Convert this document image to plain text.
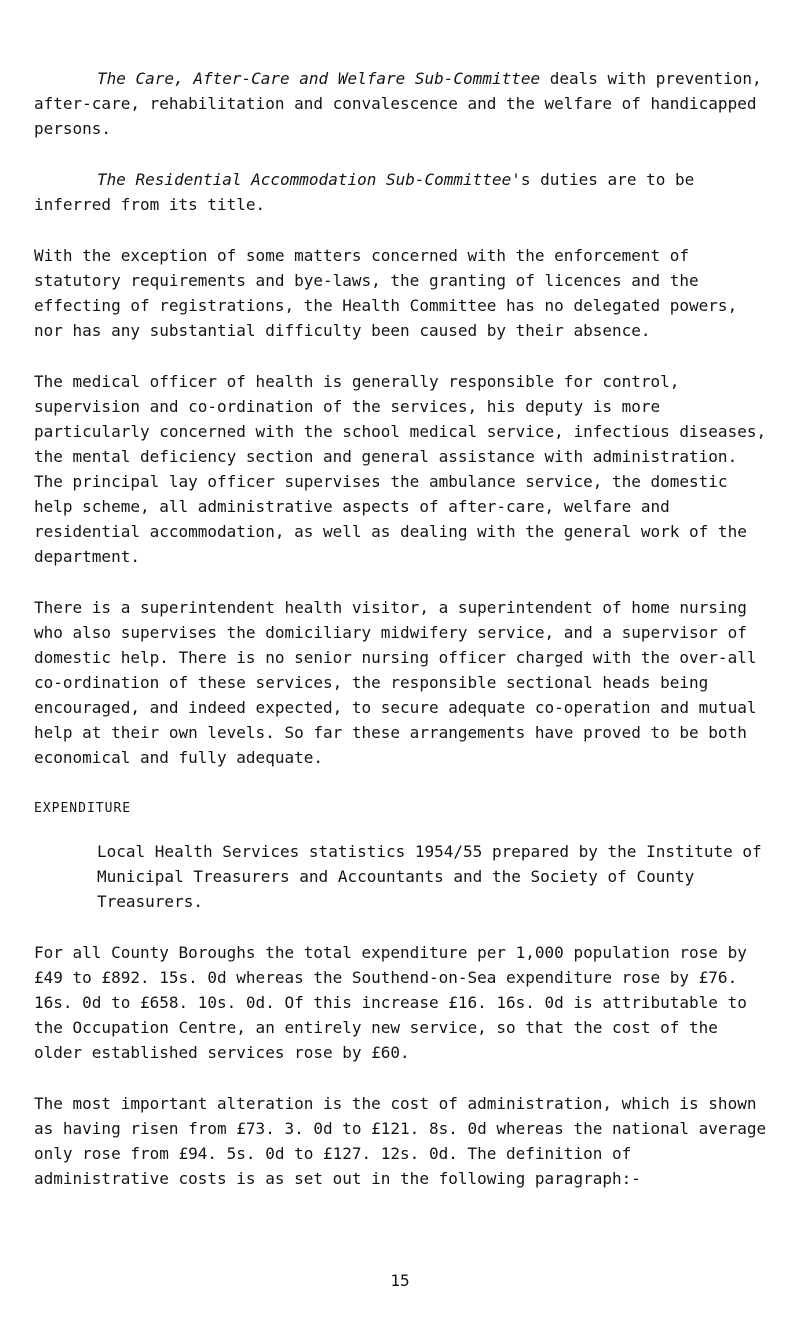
The Care, After-Care and Welfare Sub-Committee deals with prevention, after-care, rehabilitation and convalescence and the welfare of handicapped persons.

The Residential Accommodation Sub-Committee's duties are to be inferred from its title.

With the exception of some matters concerned with the enforcement of statutory requirements and bye-laws, the granting of licences and the effecting of registrations, the Health Committee has no delegated powers, nor has any substantial difficulty been caused by their absence.

The medical officer of health is generally responsible for control, supervision and co-ordination of the services, his deputy is more particularly concerned with the school medical service, infectious diseases, the mental deficiency section and general assistance with administration. The principal lay officer supervises the ambulance service, the domestic help scheme, all administrative aspects of after-care, welfare and residential accommodation, as well as dealing with the general work of the department.

There is a superintendent health visitor, a superintendent of home nursing who also supervises the domiciliary midwifery service, and a supervisor of domestic help. There is no senior nursing officer charged with the over-all co-ordination of these services, the responsible sectional heads being encouraged, and indeed expected, to secure adequate co-operation and mutual help at their own levels. So far these arrangements have proved to be both economical and fully adequate.

EXPENDITURE

Local Health Services statistics 1954/55 prepared by the Institute of Municipal Treasurers and Accountants and the Society of County Treasurers.

For all County Boroughs the total expenditure per 1,000 population rose by £49 to £892. 15s. 0d whereas the Southend-on-Sea expenditure rose by £76. 16s. 0d to £658. 10s. 0d. Of this increase £16. 16s. 0d is attributable to the Occupation Centre, an entirely new service, so that the cost of the older established services rose by £60.

The most important alteration is the cost of administration, which is shown as having risen from £73. 3. 0d to £121. 8s. 0d whereas the national average only rose from £94. 5s. 0d to £127. 12s. 0d. The definition of administrative costs is as set out in the following paragraph:-

15
